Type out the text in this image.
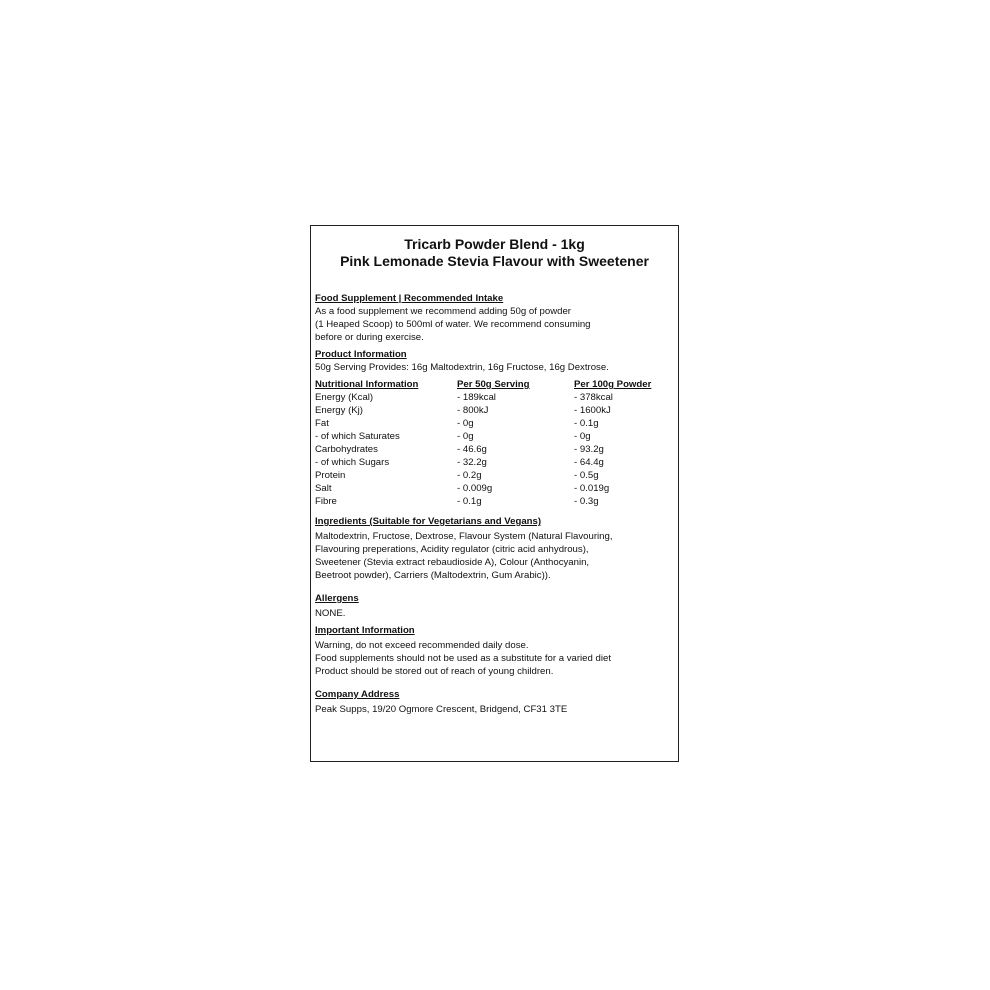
Tricarb Powder Blend - 1kg
Pink Lemonade Stevia Flavour with Sweetener
Food Supplement | Recommended Intake
As a food supplement we recommend adding 50g of powder
(1 Heaped Scoop) to 500ml of water. We recommend consuming
before or during exercise.
Product Information
50g Serving Provides: 16g Maltodextrin, 16g Fructose, 16g Dextrose.
Nutritional Information	Per 50g Serving	Per 100g Powder
Energy (Kcal)	- 189kcal	- 378kcal
Energy (Kj)	- 800kJ	- 1600kJ
Fat	- 0g	- 0.1g
- of which Saturates	- 0g	- 0g
Carbohydrates	- 46.6g	- 93.2g
- of which Sugars	- 32.2g	- 64.4g
Protein	- 0.2g	- 0.5g
Salt	- 0.009g	- 0.019g
Fibre	- 0.1g	- 0.3g
Ingredients (Suitable for Vegetarians and Vegans)
Maltodextrin, Fructose, Dextrose, Flavour System (Natural Flavouring,
Flavouring preperations, Acidity regulator (citric acid anhydrous),
Sweetener (Stevia extract rebaudioside A), Colour (Anthocyanin,
Beetroot powder), Carriers (Maltodextrin, Gum Arabic)).
Allergens
NONE.
Important Information
Warning, do not exceed recommended daily dose.
Food supplements should not be used as a substitute for a varied diet
Product should be stored out of reach of young children.
Company Address
Peak Supps, 19/20 Ogmore Crescent, Bridgend, CF31 3TE
